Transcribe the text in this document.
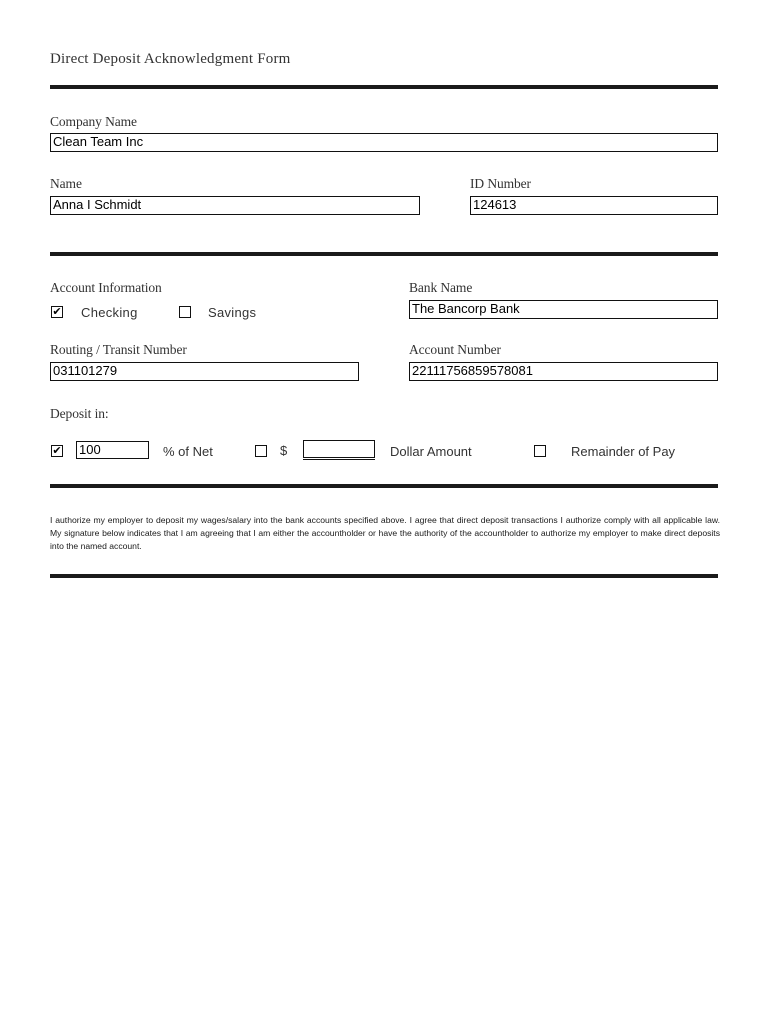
Direct Deposit Acknowledgment Form
Company Name
Clean Team Inc
Name
Anna I Schmidt
ID Number
124613
Account Information
✔ Checking	Savings
Bank Name
The Bancorp Bank
Routing / Transit Number
031101279
Account Number
22111756859578081
Deposit in:
✔ 100	% of Net	$	Dollar Amount	Remainder of Pay
I authorize my employer to deposit my wages/salary into the bank accounts specified above. I agree that direct deposit transactions I authorize comply with all applicable law. My signature below indicates that I am agreeing that I am either the accountholder or have the authority of the accountholder to authorize my employer to make direct deposits into the named account.
